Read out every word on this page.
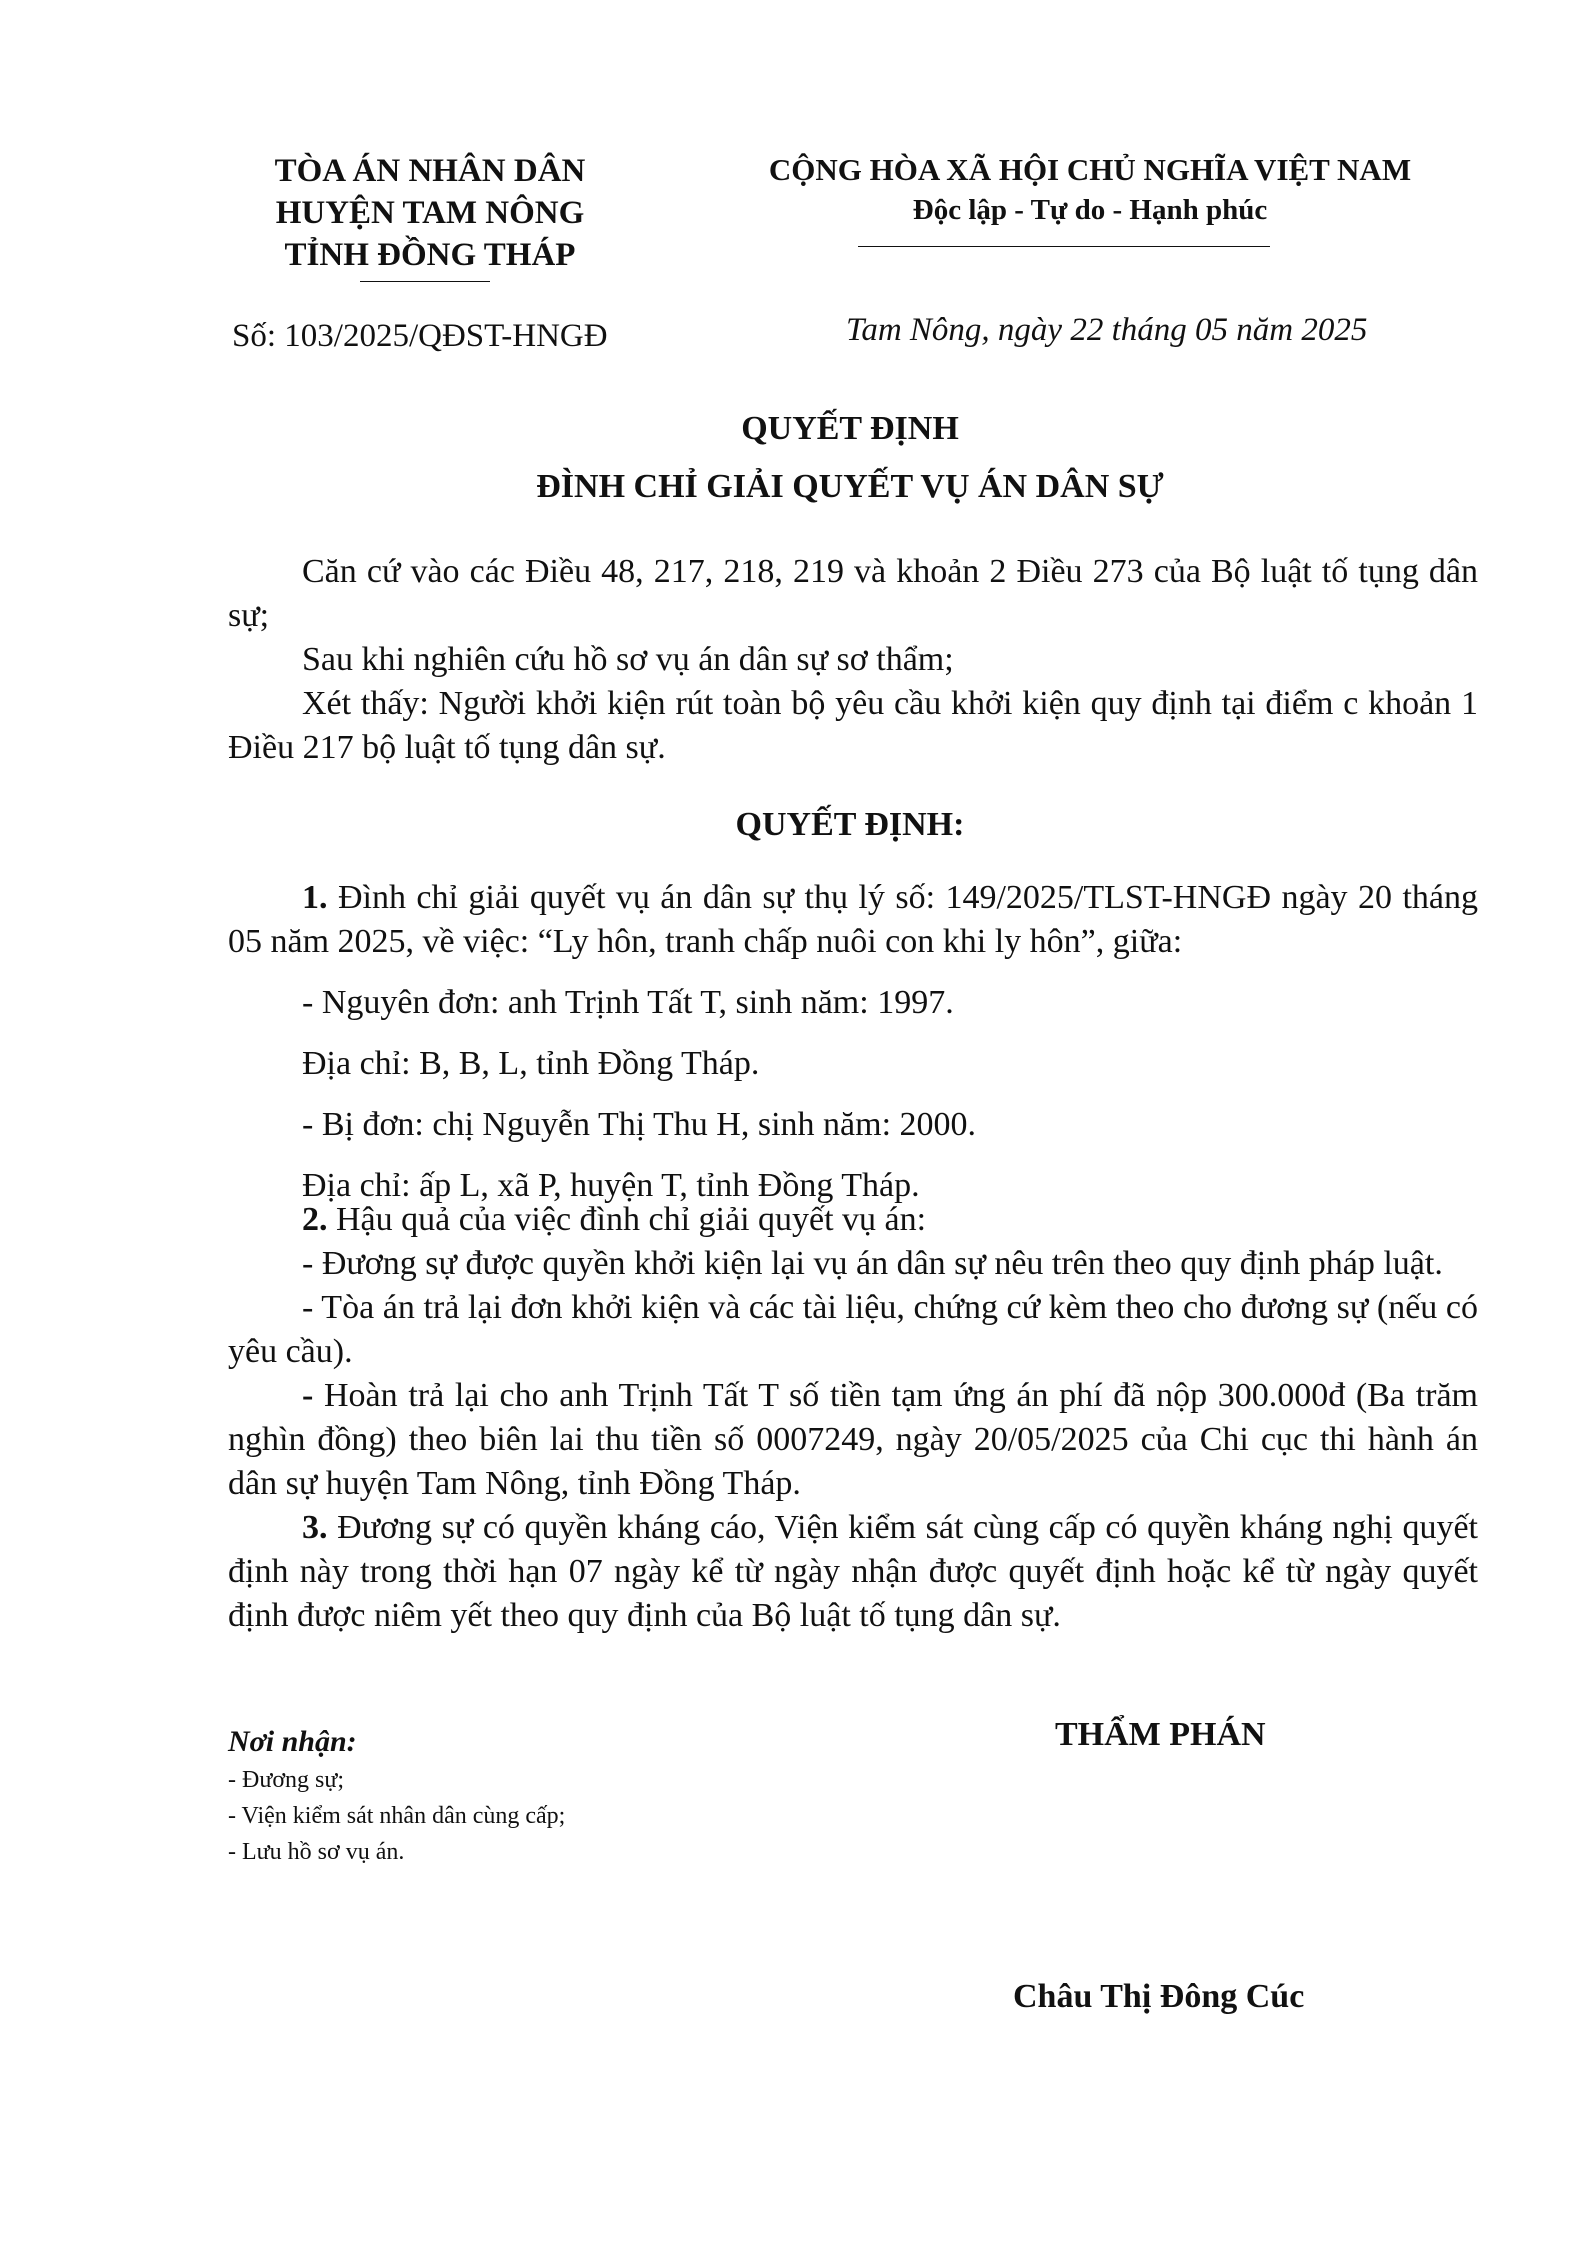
TÒA ÁN NHÂN DÂN
HUYỆN TAM NÔNG
TỈNH ĐỒNG THÁP
CỘNG HÒA XÃ HỘI CHỦ NGHĨA VIỆT NAM
Độc lập - Tự do - Hạnh phúc
Số: 103/2025/QĐST-HNGĐ	Tam Nông, ngày 22 tháng 05 năm 2025
QUYẾT ĐỊNH
ĐÌNH CHỈ GIẢI QUYẾT VỤ ÁN DÂN SỰ

Căn cứ vào các Điều 48, 217, 218, 219 và khoản 2 Điều 273 của Bộ luật tố tụng dân sự;

Sau khi nghiên cứu hồ sơ vụ án dân sự sơ thẩm;

Xét thấy: Người khởi kiện rút toàn bộ yêu cầu khởi kiện quy định tại điểm c khoản 1 Điều 217 bộ luật tố tụng dân sự.

QUYẾT ĐỊNH:

1. Đình chỉ giải quyết vụ án dân sự thụ lý số: 149/2025/TLST-HNGĐ ngày 20 tháng 05 năm 2025, về việc: “Ly hôn, tranh chấp nuôi con khi ly hôn”, giữa:

- Nguyên đơn: anh Trịnh Tất T, sinh năm: 1997.

Địa chỉ: B, B, L, tỉnh Đồng Tháp.

- Bị đơn: chị Nguyễn Thị Thu H, sinh năm: 2000.

Địa chỉ: ấp L, xã P, huyện T, tỉnh Đồng Tháp.

2. Hậu quả của việc đình chỉ giải quyết vụ án:

- Đương sự được quyền khởi kiện lại vụ án dân sự nêu trên theo quy định pháp luật.

- Tòa án trả lại đơn khởi kiện và các tài liệu, chứng cứ kèm theo cho đương sự (nếu có yêu cầu).

- Hoàn trả lại cho anh Trịnh Tất T số tiền tạm ứng án phí đã nộp 300.000đ (Ba trăm nghìn đồng) theo biên lai thu tiền số 0007249, ngày 20/05/2025 của Chi cục thi hành án dân sự huyện Tam Nông, tỉnh Đồng Tháp.

3. Đương sự có quyền kháng cáo, Viện kiểm sát cùng cấp có quyền kháng nghị quyết định này trong thời hạn 07 ngày kể từ ngày nhận được quyết định hoặc kể từ ngày quyết định được niêm yết theo quy định của Bộ luật tố tụng dân sự.

Nơi nhận:
- Đương sự;
- Viện kiểm sát nhân dân cùng cấp;
- Lưu hồ sơ vụ án.
THẨM PHÁN
Châu Thị Đông Cúc
